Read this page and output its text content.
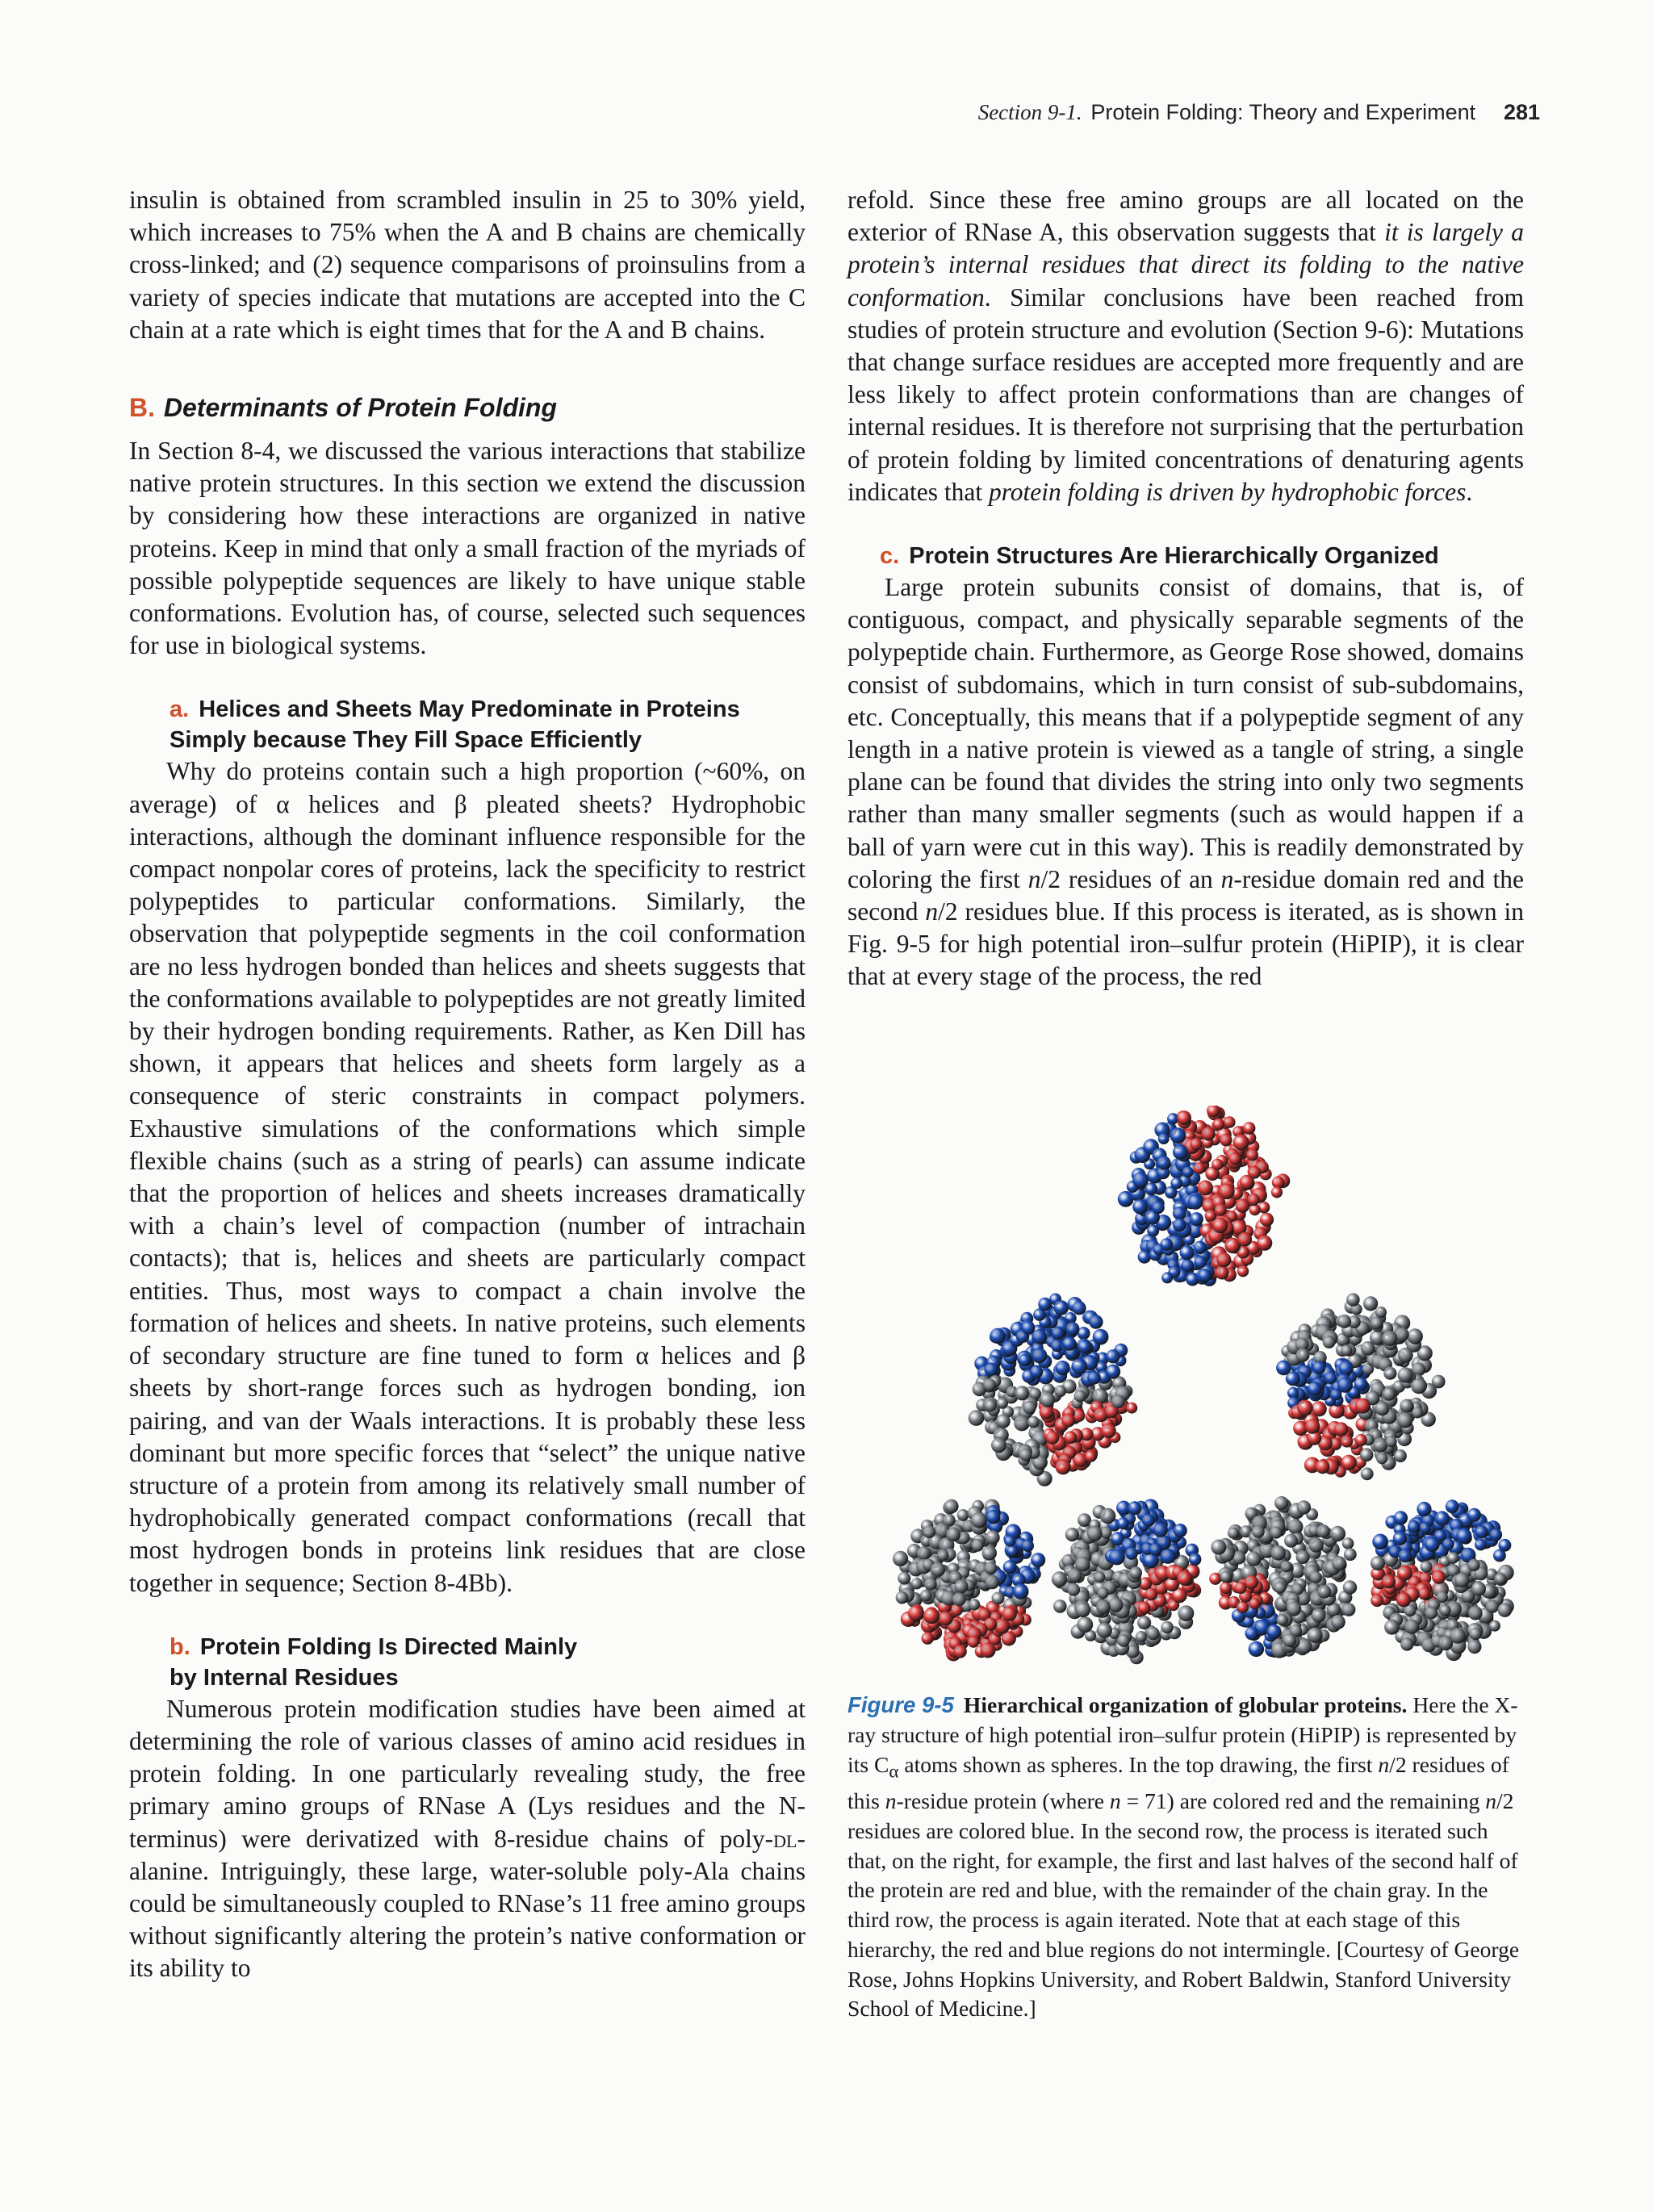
Section 9-1. Protein Folding: Theory and Experiment 281

insulin is obtained from scrambled insulin in 25 to 30% yield, which increases to 75% when the A and B chains are chemically cross-linked; and (2) sequence comparisons of proinsulins from a variety of species indicate that mutations are accepted into the C chain at a rate which is eight times that for the A and B chains.

B. Determinants of Protein Folding

In Section 8-4, we discussed the various interactions that stabilize native protein structures. In this section we extend the discussion by considering how these interactions are organized in native proteins. Keep in mind that only a small fraction of the myriads of possible polypeptide sequences are likely to have unique stable conformations. Evolution has, of course, selected such sequences for use in biological systems.

a. Helices and Sheets May Predominate in Proteins
Simply because They Fill Space Efficiently

Why do proteins contain such a high proportion (~60%, on average) of α helices and β pleated sheets? Hydrophobic interactions, although the dominant influence responsible for the compact nonpolar cores of proteins, lack the specificity to restrict polypeptides to particular conformations. Similarly, the observation that polypeptide segments in the coil conformation are no less hydrogen bonded than helices and sheets suggests that the conformations available to polypeptides are not greatly limited by their hydrogen bonding requirements. Rather, as Ken Dill has shown, it appears that helices and sheets form largely as a consequence of steric constraints in compact polymers. Exhaustive simulations of the conformations which simple flexible chains (such as a string of pearls) can assume indicate that the proportion of helices and sheets increases dramatically with a chain’s level of compaction (number of intrachain contacts); that is, helices and sheets are particularly compact entities. Thus, most ways to compact a chain involve the formation of helices and sheets. In native proteins, such elements of secondary structure are fine tuned to form α helices and β sheets by short-range forces such as hydrogen bonding, ion pairing, and van der Waals interactions. It is probably these less dominant but more specific forces that “select” the unique native structure of a protein from among its relatively small number of hydrophobically generated compact conformations (recall that most hydrogen bonds in proteins link residues that are close together in sequence; Section 8-4Bb).

b. Protein Folding Is Directed Mainly
by Internal Residues

Numerous protein modification studies have been aimed at determining the role of various classes of amino acid residues in protein folding. In one particularly revealing study, the free primary amino groups of RNase A (Lys residues and the N-terminus) were derivatized with 8-residue chains of poly-dl-alanine. Intriguingly, these large, water-soluble poly-Ala chains could be simultaneously coupled to RNase’s 11 free amino groups without significantly altering the protein’s native conformation or its ability to

refold. Since these free amino groups are all located on the exterior of RNase A, this observation suggests that it is largely a protein’s internal residues that direct its folding to the native conformation. Similar conclusions have been reached from studies of protein structure and evolution (Section 9-6): Mutations that change surface residues are accepted more frequently and are less likely to affect protein conformations than are changes of internal residues. It is therefore not surprising that the perturbation of protein folding by limited concentrations of denaturing agents indicates that protein folding is driven by hydrophobic forces.

c. Protein Structures Are Hierarchically Organized

Large protein subunits consist of domains, that is, of contiguous, compact, and physically separable segments of the polypeptide chain. Furthermore, as George Rose showed, domains consist of subdomains, which in turn consist of sub-subdomains, etc. Conceptually, this means that if a polypeptide segment of any length in a native protein is viewed as a tangle of string, a single plane can be found that divides the string into only two segments rather than many smaller segments (such as would happen if a ball of yarn were cut in this way). This is readily demonstrated by coloring the first n/2 residues of an n-residue domain red and the second n/2 residues blue. If this process is iterated, as is shown in Fig. 9-5 for high potential iron–sulfur protein (HiPIP), it is clear that at every stage of the process, the red

Figure 9-5 Hierarchical organization of globular proteins. Here the X-ray structure of high potential iron–sulfur protein (HiPIP) is represented by its $C_\alpha$ atoms shown as spheres. In the top drawing, the first n/2 residues of this n-residue protein (where n = 71) are colored red and the remaining n/2 residues are colored blue. In the second row, the process is iterated such that, on the right, for example, the first and last halves of the second half of the protein are red and blue, with the remainder of the chain gray. In the third row, the process is again iterated. Note that at each stage of this hierarchy, the red and blue regions do not intermingle. [Courtesy of George Rose, Johns Hopkins University, and Robert Baldwin, Stanford University School of Medicine.]
